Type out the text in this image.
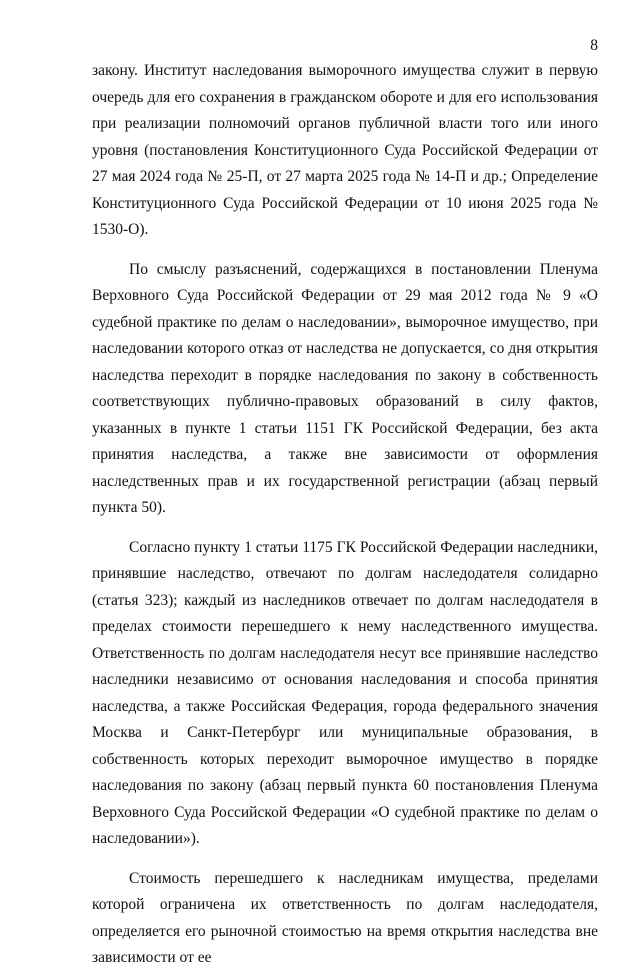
8

закону. Институт наследования выморочного имущества служит в первую очередь для его сохранения в гражданском обороте и для его использования при реализации полномочий органов публичной власти того или иного уровня (постановления Конституционного Суда Российской Федерации от 27 мая 2024 года № 25-П, от 27 марта 2025 года № 14-П и др.; Определение Конституционного Суда Российской Федерации от 10 июня 2025 года № 1530-О).

По смыслу разъяснений, содержащихся в постановлении Пленума Верховного Суда Российской Федерации от 29 мая 2012 года № 9 «О судебной практике по делам о наследовании», выморочное имущество, при наследовании которого отказ от наследства не допускается, со дня открытия наследства переходит в порядке наследования по закону в собственность соответствующих публично-правовых образований в силу фактов, указанных в пункте 1 статьи 1151 ГК Российской Федерации, без акта принятия наследства, а также вне зависимости от оформления наследственных прав и их государственной регистрации (абзац первый пункта 50).

Согласно пункту 1 статьи 1175 ГК Российской Федерации наследники, принявшие наследство, отвечают по долгам наследодателя солидарно (статья 323); каждый из наследников отвечает по долгам наследодателя в пределах стоимости перешедшего к нему наследственного имущества. Ответственность по долгам наследодателя несут все принявшие наследство наследники независимо от основания наследования и способа принятия наследства, а также Российская Федерация, города федерального значения Москва и Санкт-Петербург или муниципальные образования, в собственность которых переходит выморочное имущество в порядке наследования по закону (абзац первый пункта 60 постановления Пленума Верховного Суда Российской Федерации «О судебной практике по делам о наследовании»).

Стоимость перешедшего к наследникам имущества, пределами которой ограничена их ответственность по долгам наследодателя, определяется его рыночной стоимостью на время открытия наследства вне зависимости от ее
